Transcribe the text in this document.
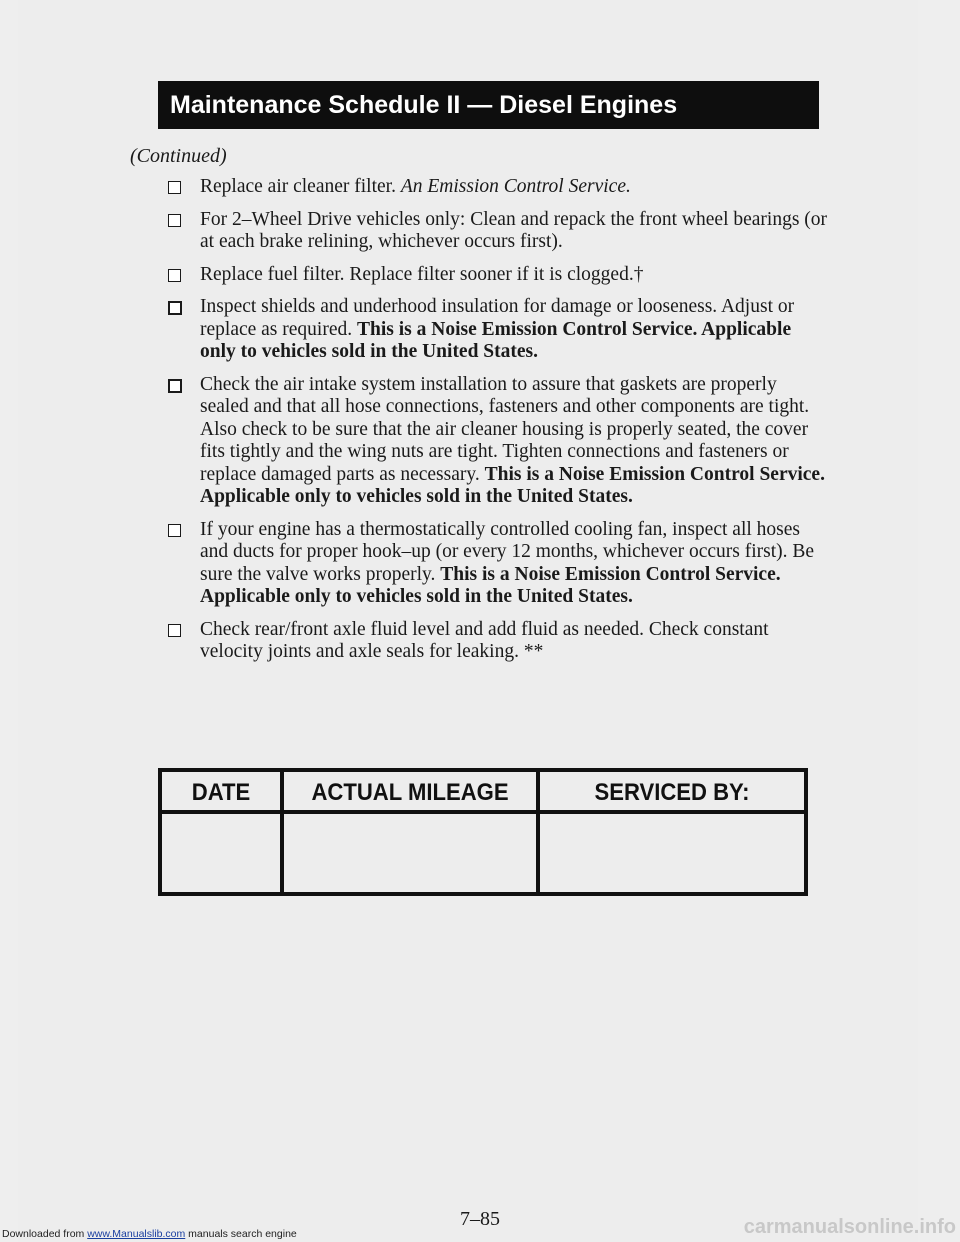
Maintenance Schedule II — Diesel Engines

(Continued)

Replace air cleaner filter. An Emission Control Service.
For 2–Wheel Drive vehicles only: Clean and repack the front wheel bearings (or at each brake relining, whichever occurs first).
Replace fuel filter. Replace filter sooner if it is clogged.†
Inspect shields and underhood insulation for damage or looseness. Adjust or replace as required. This is a Noise Emission Control Service. Applicable only to vehicles sold in the United States.
Check the air intake system installation to assure that gaskets are properly sealed and that all hose connections, fasteners and other components are tight. Also check to be sure that the air cleaner housing is properly seated, the cover fits tightly and the wing nuts are tight. Tighten connections and fasteners or replace damaged parts as necessary. This is a Noise Emission Control Service. Applicable only to vehicles sold in the United States.
If your engine has a thermostatically controlled cooling fan, inspect all hoses and ducts for proper hook–up (or every 12 months, whichever occurs first). Be sure the valve works properly. This is a Noise Emission Control Service. Applicable only to vehicles sold in the United States.
Check rear/front axle fluid level and add fluid as needed. Check constant velocity joints and axle seals for leaking. **
DATE	ACTUAL MILEAGE	SERVICED BY:
7–85
Downloaded from www.Manualslib.com manuals search engine	carmanualsonline.info
